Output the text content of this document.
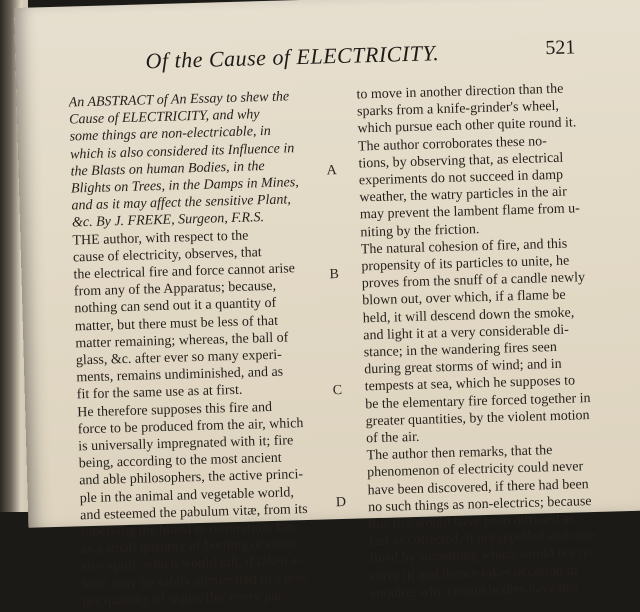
Of the Cause of ELECTRICITY.	521
An ABSTRACT of An Essay to shew the
Cause of ELECTRICITY, and why
some things are non-electricable, in
which is also considered its Influence in
the Blasts on human Bodies, in the
Blights on Trees, in the Damps in Mines,
and as it may affect the sensitive Plant,
&c. By J. FREKE, Surgeon, F.R.S.
THE author, with respect to the
cause of electricity, observes, that
the electrical fire and force cannot arise
from any of the Apparatus; because,
nothing can send out it a quantity of
matter, but there must be less of that
matter remaining; whereas, the ball of
glass, &c. after ever so many experi-
ments, remains undiminished, and as
fit for the same use as at first.
He therefore supposes this fire and
force to be produced from the air, which
is universally impregnated with it; fire
being, according to the most ancient
and able philosophers, the active princi-
ple in the animal and vegetable world,
and esteemed the pabulum vitæ, from its
rubefying the blood in respiration; for,
as a small quantity of burning or corro-
sive spirit, which would kill, if taken a-
lone, may be safely adminstred in a pro-
per quantity of water, tho' every par-
A
B
C
D
to move in another direction than the
sparks from a knife-grinder's wheel,
which pursue each other quite round it.
The author corroborates these no-
tions, by observing that, as electrical
experiments do not succeed in damp
weather, the watry particles in the air
may prevent the lambent flame from u-
niting by the friction.
The natural cohesion of fire, and this
propensity of its particles to unite, he
proves from the snuff of a candle newly
blown out, over which, if a flame be
held, it will descend down the smoke,
and light it at a very considerable di-
stance; in the wandering fires seen
during great storms of wind; and in
tempests at sea, which he supposes to
be the elementary fire forced together in
greater quantities, by the violent motion
of the air.
The author then remarks, that the
phenomenon of electricity could never
have been discovered, if there had been
no such things as non-electrics; because
this fire would have been diffused as
fast as collected, if not repelled and con-
fined by something which would not re-
ceive it; and thence takes occasion to
enquire, why certain bodies have this
